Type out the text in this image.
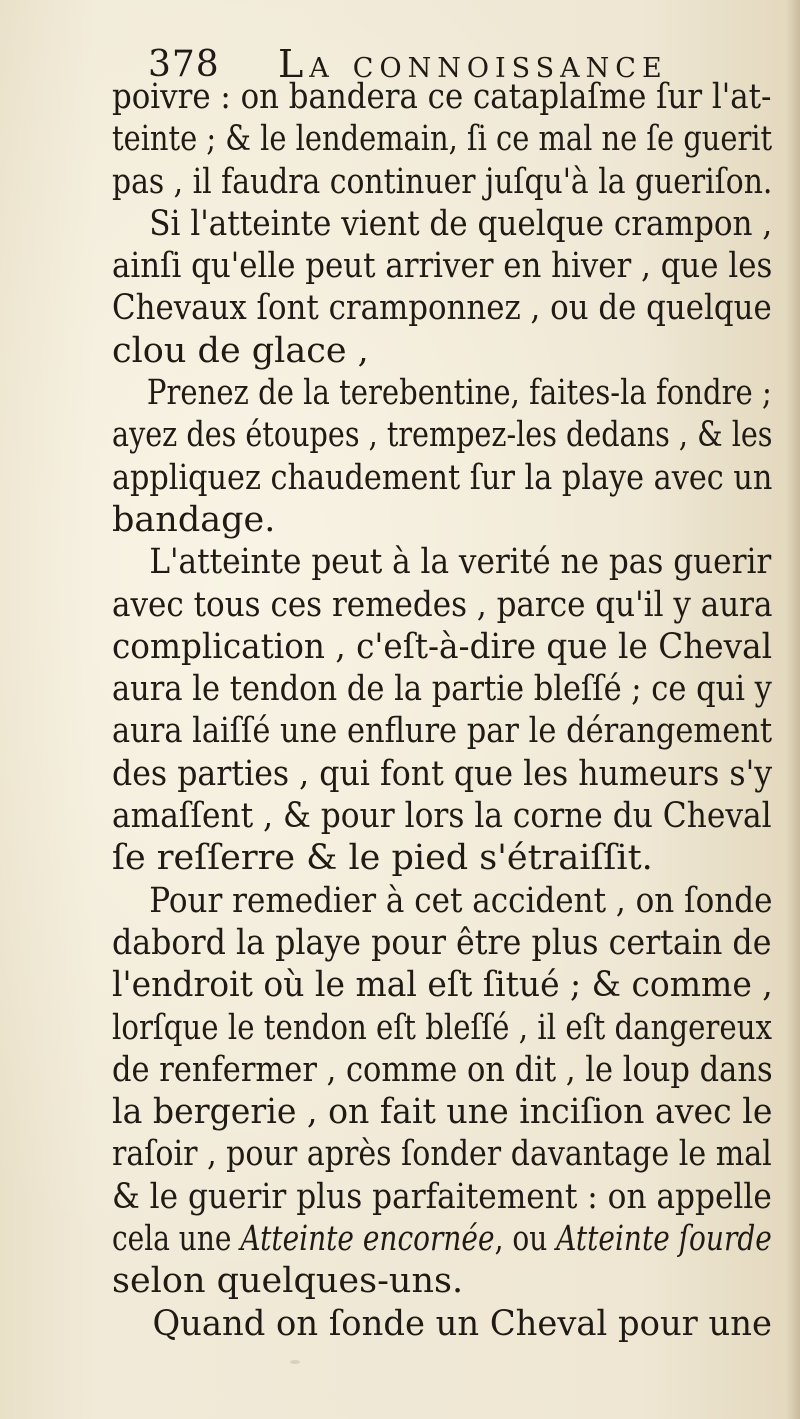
378 La connoissance
poivre : on bandera ce cataplaſme ſur l'at-
teinte ; & le lendemain, ſi ce mal ne ſe guerit
pas , il faudra continuer juſqu'à la gueriſon.
Si l'atteinte vient de quelque crampon ,
ainſi qu'elle peut arriver en hiver , que les
Chevaux ſont cramponnez , ou de quelque
clou de glace ,
Prenez de la terebentine, faites-la fondre ;
ayez des étoupes , trempez-les dedans , & les
appliquez chaudement ſur la playe avec un
bandage.
L'atteinte peut à la verité ne pas guerir
avec tous ces remedes , parce qu'il y aura
complication , c'eſt-à-dire que le Cheval
aura le tendon de la partie bleſſé ; ce qui y
aura laiſſé une enflure par le dérangement
des parties , qui font que les humeurs s'y
amaſſent , & pour lors la corne du Cheval
ſe reſſerre & le pied s'étraiſſit.
Pour remedier à cet accident , on ſonde
dabord la playe pour être plus certain de
l'endroit où le mal eſt ſitué ; & comme ,
lorſque le tendon eſt bleſſé , il eſt dangereux
de renfermer , comme on dit , le loup dans
la bergerie , on fait une inciſion avec le
raſoir , pour après ſonder davantage le mal
& le guerir plus parfaitement : on appelle
cela une Atteinte encornée, ou Atteinte ſourde
selon quelques-uns.
Quand on ſonde un Cheval pour une
